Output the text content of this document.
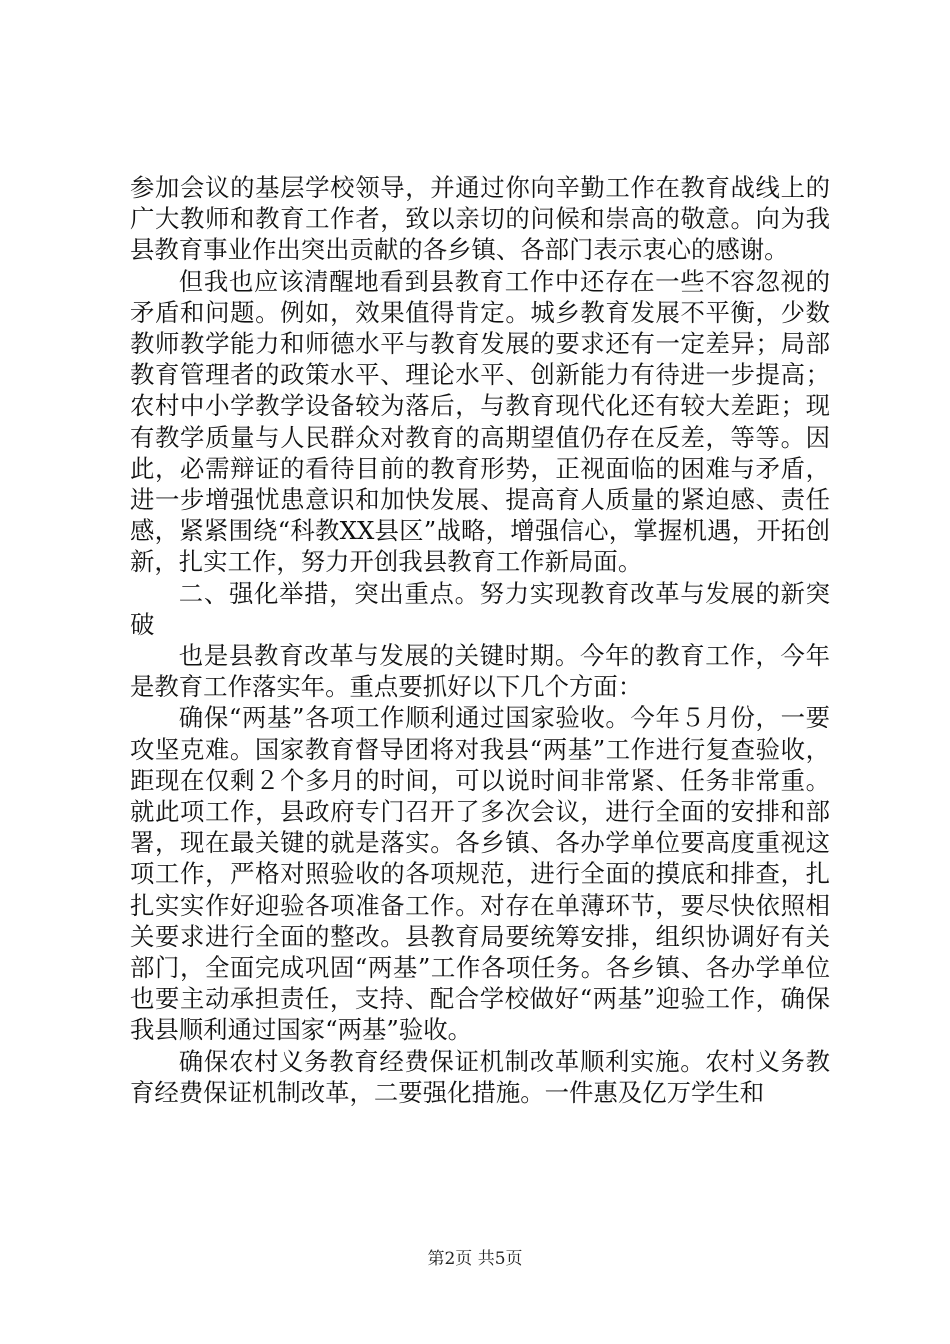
参加会议的基层学校领导，并通过你向辛勤工作在教育战线上的广大教师和教育工作者，致以亲切的问候和崇高的敬意。向为我县教育事业作出突出贡献的各乡镇、各部门表示衷心的感谢。

但我也应该清醒地看到县教育工作中还存在一些不容忽视的矛盾和问题。例如，效果值得肯定。城乡教育发展不平衡，少数教师教学能力和师德水平与教育发展的要求还有一定差异；局部教育管理者的政策水平、理论水平、创新能力有待进一步提高；农村中小学教学设备较为落后，与教育现代化还有较大差距；现有教学质量与人民群众对教育的高期望值仍存在反差，等等。因此，必需辩证的看待目前的教育形势，正视面临的困难与矛盾，进一步增强忧患意识和加快发展、提高育人质量的紧迫感、责任感，紧紧围绕“科教XX县区”战略，增强信心，掌握机遇，开拓创新，扎实工作，努力开创我县教育工作新局面。

二、强化举措，突出重点。努力实现教育改革与发展的新突破

也是县教育改革与发展的关键时期。今年的教育工作，今年是教育工作落实年。重点要抓好以下几个方面：

确保“两基”各项工作顺利通过国家验收。今年５月份，一要攻坚克难。国家教育督导团将对我县“两基”工作进行复查验收，距现在仅剩２个多月的时间，可以说时间非常紧、任务非常重。就此项工作，县政府专门召开了多次会议，进行全面的安排和部署，现在最关键的就是落实。各乡镇、各办学单位要高度重视这项工作，严格对照验收的各项规范，进行全面的摸底和排查，扎扎实实作好迎验各项准备工作。对存在单薄环节，要尽快依照相关要求进行全面的整改。县教育局要统筹安排，组织协调好有关部门，全面完成巩固“两基”工作各项任务。各乡镇、各办学单位也要主动承担责任，支持、配合学校做好“两基”迎验工作，确保我县顺利通过国家“两基”验收。

确保农村义务教育经费保证机制改革顺利实施。农村义务教育经费保证机制改革，二要强化措施。一件惠及亿万学生和

第2页 共5页
